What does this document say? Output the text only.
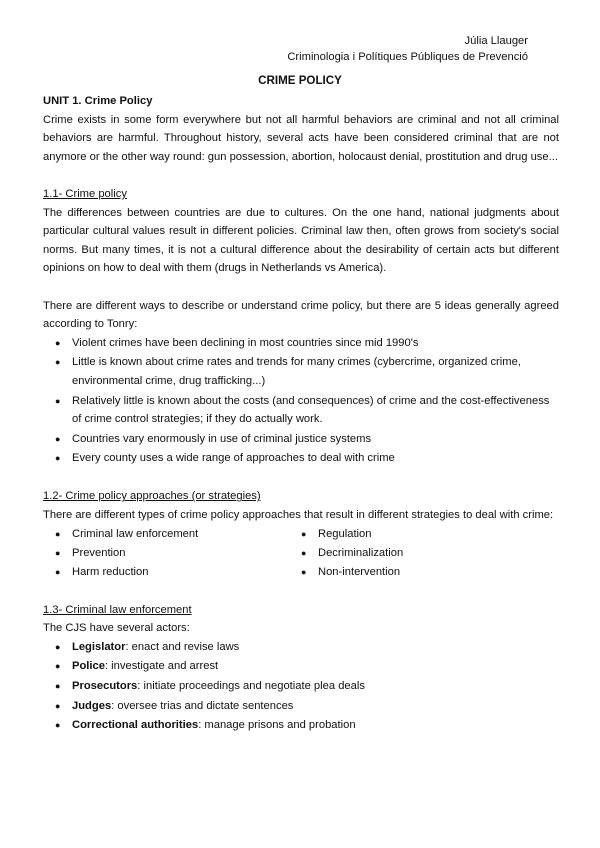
Júlia Llauger
Criminologia i Polítiques Públiques de Prevenció
CRIME POLICY
UNIT 1. Crime Policy

Crime exists in some form everywhere but not all harmful behaviors are criminal and not all criminal behaviors are harmful. Throughout history, several acts have been considered criminal that are not anymore or the other way round: gun possession, abortion, holocaust denial, prostitution and drug use...

1.1- Crime policy

The differences between countries are due to cultures. On the one hand, national judgments about particular cultural values result in different policies. Criminal law then, often grows from society's social norms. But many times, it is not a cultural difference about the desirability of certain acts but different opinions on how to deal with them (drugs in Netherlands vs America).

There are different ways to describe or understand crime policy, but there are 5 ideas generally agreed according to Tonry:

● Violent crimes have been declining in most countries since mid 1990's
● Little is known about crime rates and trends for many crimes (cybercrime, organized crime, environmental crime, drug trafficking...)
● Relatively little is known about the costs (and consequences) of crime and the cost-effectiveness of crime control strategies; if they do actually work.
● Countries vary enormously in use of criminal justice systems
● Every county uses a wide range of approaches to deal with crime
1.2- Crime policy approaches (or strategies)

There are different types of crime policy approaches that result in different strategies to deal with crime:

● Criminal law enforcement
● Prevention
● Harm reduction
● Regulation
● Decriminalization
● Non-intervention
1.3- Criminal law enforcement

The CJS have several actors:

● Legislator: enact and revise laws
● Police: investigate and arrest
● Prosecutors: initiate proceedings and negotiate plea deals
● Judges: oversee trias and dictate sentences
● Correctional authorities: manage prisons and probation
